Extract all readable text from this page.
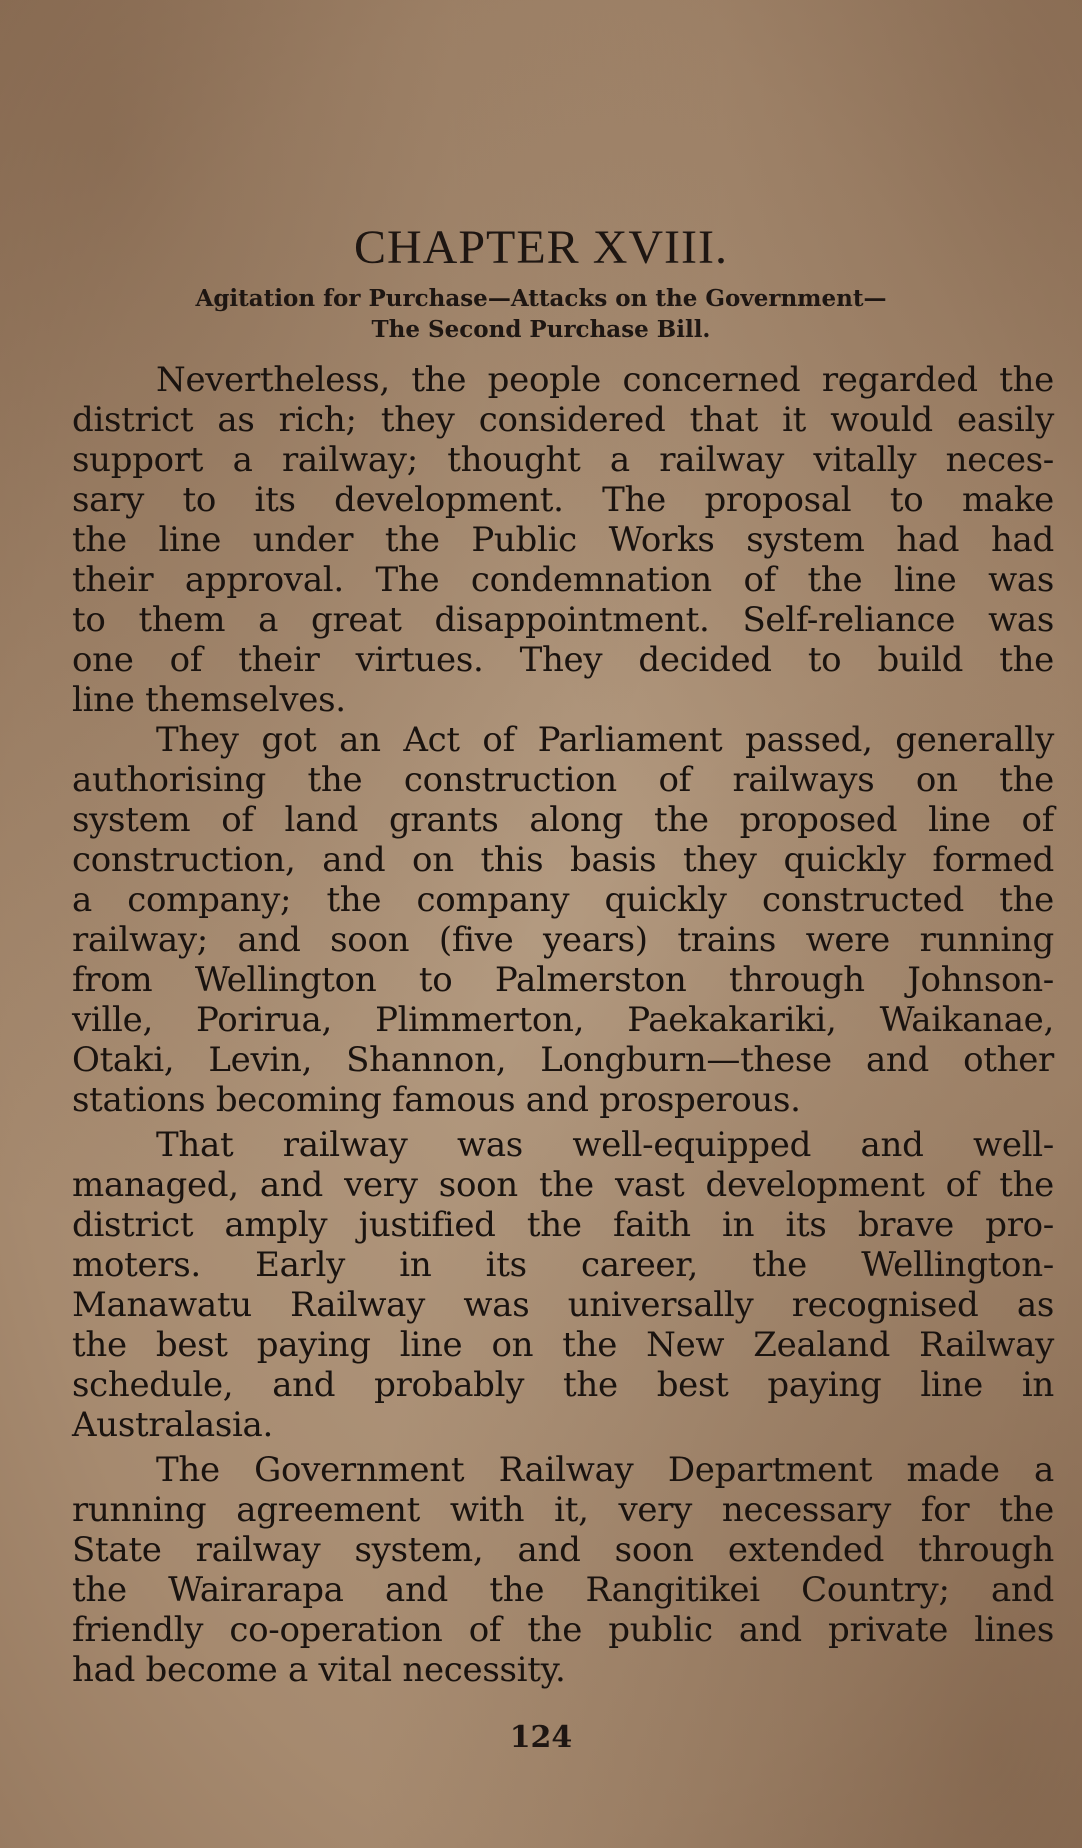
CHAPTER XVIII.

Agitation for Purchase—Attacks on the Government—

The Second Purchase Bill.

Nevertheless, the people concerned regarded the

district as rich; they considered that it would easily

support a railway; thought a railway vitally neces-

sary to its development. The proposal to make

the line under the Public Works system had had

their approval. The condemnation of the line was

to them a great disappointment. Self-reliance was

one of their virtues. They decided to build the

line themselves.

They got an Act of Parliament passed, generally

authorising the construction of railways on the

system of land grants along the proposed line of

construction, and on this basis they quickly formed

a company; the company quickly constructed the

railway; and soon (five years) trains were running

from Wellington to Palmerston through Johnson-

ville, Porirua, Plimmerton, Paekakariki, Waikanae,

Otaki, Levin, Shannon, Longburn—these and other

stations becoming famous and prosperous.

That railway was well-equipped and well-

managed, and very soon the vast development of the

district amply justified the faith in its brave pro-

moters. Early in its career, the Wellington-

Manawatu Railway was universally recognised as

the best paying line on the New Zealand Railway

schedule, and probably the best paying line in

Australasia.

The Government Railway Department made a

running agreement with it, very necessary for the

State railway system, and soon extended through

the Wairarapa and the Rangitikei Country; and

friendly co-operation of the public and private lines

had become a vital necessity.

124
